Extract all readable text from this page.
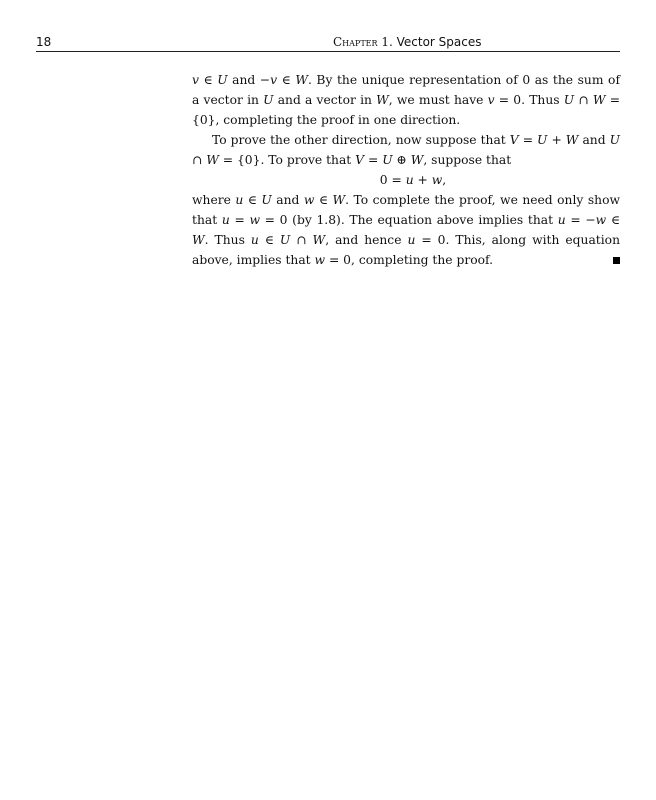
18	Chapter 1. Vector Spaces

v ∈ U and −v ∈ W. By the unique representation of 0 as the sum of a vector in U and a vector in W, we must have v = 0. Thus U ∩ W = {0}, completing the proof in one direction.

To prove the other direction, now suppose that V = U + W and U ∩ W = {0}. To prove that V = U ⊕ W, suppose that

0 = u + w,

where u ∈ U and w ∈ W. To complete the proof, we need only show that u = w = 0 (by 1.8). The equation above implies that u = −w ∈ W. Thus u ∈ U ∩ W, and hence u = 0. This, along with equation above, implies that w = 0, completing the proof.
